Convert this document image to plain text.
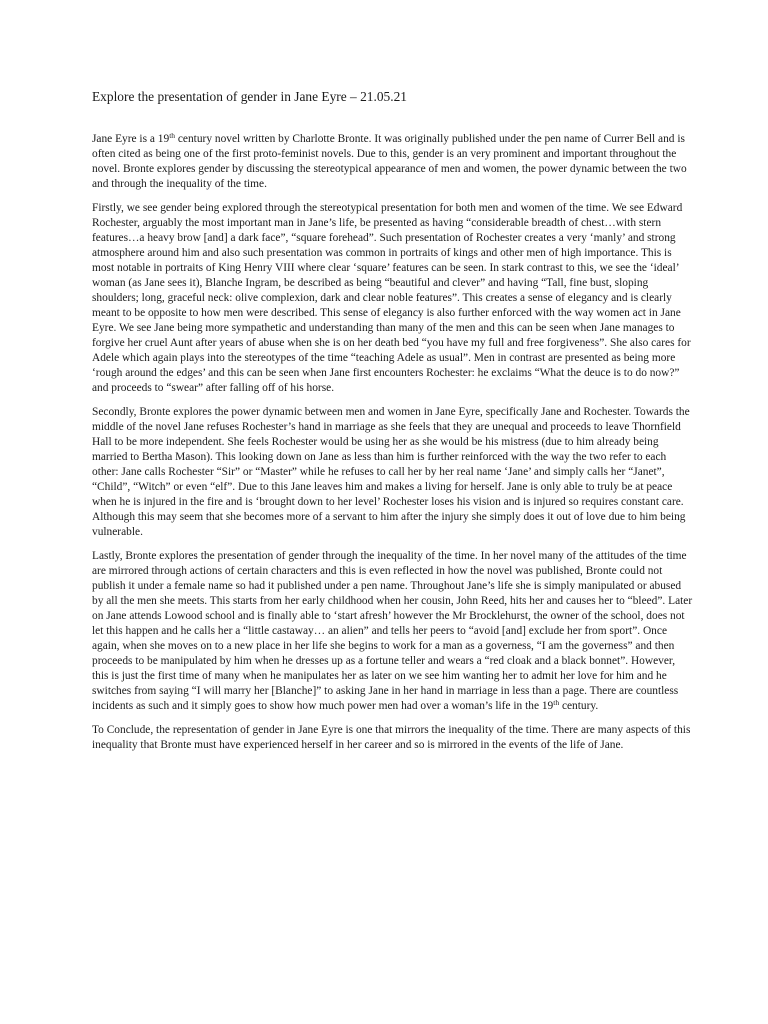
Explore the presentation of gender in Jane Eyre – 21.05.21

Jane Eyre is a 19th century novel written by Charlotte Bronte. It was originally published under the pen name of Currer Bell and is often cited as being one of the first proto-feminist novels. Due to this, gender is an very prominent and important throughout the novel. Bronte explores gender by discussing the stereotypical appearance of men and women, the power dynamic between the two and through the inequality of the time.

Firstly, we see gender being explored through the stereotypical presentation for both men and women of the time. We see Edward Rochester, arguably the most important man in Jane’s life, be presented as having “considerable breadth of chest…with stern features…a heavy brow [and] a dark face”, “square forehead”. Such presentation of Rochester creates a very ‘manly’ and strong atmosphere around him and also such presentation was common in portraits of kings and other men of high importance. This is most notable in portraits of King Henry VIII where clear ‘square’ features can be seen. In stark contrast to this, we see the ‘ideal’ woman (as Jane sees it), Blanche Ingram, be described as being “beautiful and clever” and having “Tall, fine bust, sloping shoulders; long, graceful neck: olive complexion, dark and clear noble features”. This creates a sense of elegancy and is clearly meant to be opposite to how men were described. This sense of elegancy is also further enforced with the way women act in Jane Eyre. We see Jane being more sympathetic and understanding than many of the men and this can be seen when Jane manages to forgive her cruel Aunt after years of abuse when she is on her death bed “you have my full and free forgiveness”. She also cares for Adele which again plays into the stereotypes of the time “teaching Adele as usual”. Men in contrast are presented as being more ‘rough around the edges’ and this can be seen when Jane first encounters Rochester: he exclaims “What the deuce is to do now?” and proceeds to “swear” after falling off of his horse.

Secondly, Bronte explores the power dynamic between men and women in Jane Eyre, specifically Jane and Rochester. Towards the middle of the novel Jane refuses Rochester’s hand in marriage as she feels that they are unequal and proceeds to leave Thornfield Hall to be more independent. She feels Rochester would be using her as she would be his mistress (due to him already being married to Bertha Mason). This looking down on Jane as less than him is further reinforced with the way the two refer to each other: Jane calls Rochester “Sir” or “Master” while he refuses to call her by her real name ‘Jane’ and simply calls her “Janet”, “Child”, “Witch” or even “elf”. Due to this Jane leaves him and makes a living for herself. Jane is only able to truly be at peace when he is injured in the fire and is ‘brought down to her level’ Rochester loses his vision and is injured so requires constant care. Although this may seem that she becomes more of a servant to him after the injury she simply does it out of love due to him being vulnerable.

Lastly, Bronte explores the presentation of gender through the inequality of the time. In her novel many of the attitudes of the time are mirrored through actions of certain characters and this is even reflected in how the novel was published, Bronte could not publish it under a female name so had it published under a pen name. Throughout Jane’s life she is simply manipulated or abused by all the men she meets. This starts from her early childhood when her cousin, John Reed, hits her and causes her to “bleed”. Later on Jane attends Lowood school and is finally able to ‘start afresh’ however the Mr Brocklehurst, the owner of the school, does not let this happen and he calls her a “little castaway… an alien” and tells her peers to “avoid [and] exclude her from sport”. Once again, when she moves on to a new place in her life she begins to work for a man as a governess, “I am the governess” and then proceeds to be manipulated by him when he dresses up as a fortune teller and wears a “red cloak and a black bonnet”. However, this is just the first time of many when he manipulates her as later on we see him wanting her to admit her love for him and he switches from saying “I will marry her [Blanche]” to asking Jane in her hand in marriage in less than a page. There are countless incidents as such and it simply goes to show how much power men had over a woman’s life in the 19th century.

To Conclude, the representation of gender in Jane Eyre is one that mirrors the inequality of the time. There are many aspects of this inequality that Bronte must have experienced herself in her career and so is mirrored in the events of the life of Jane.
